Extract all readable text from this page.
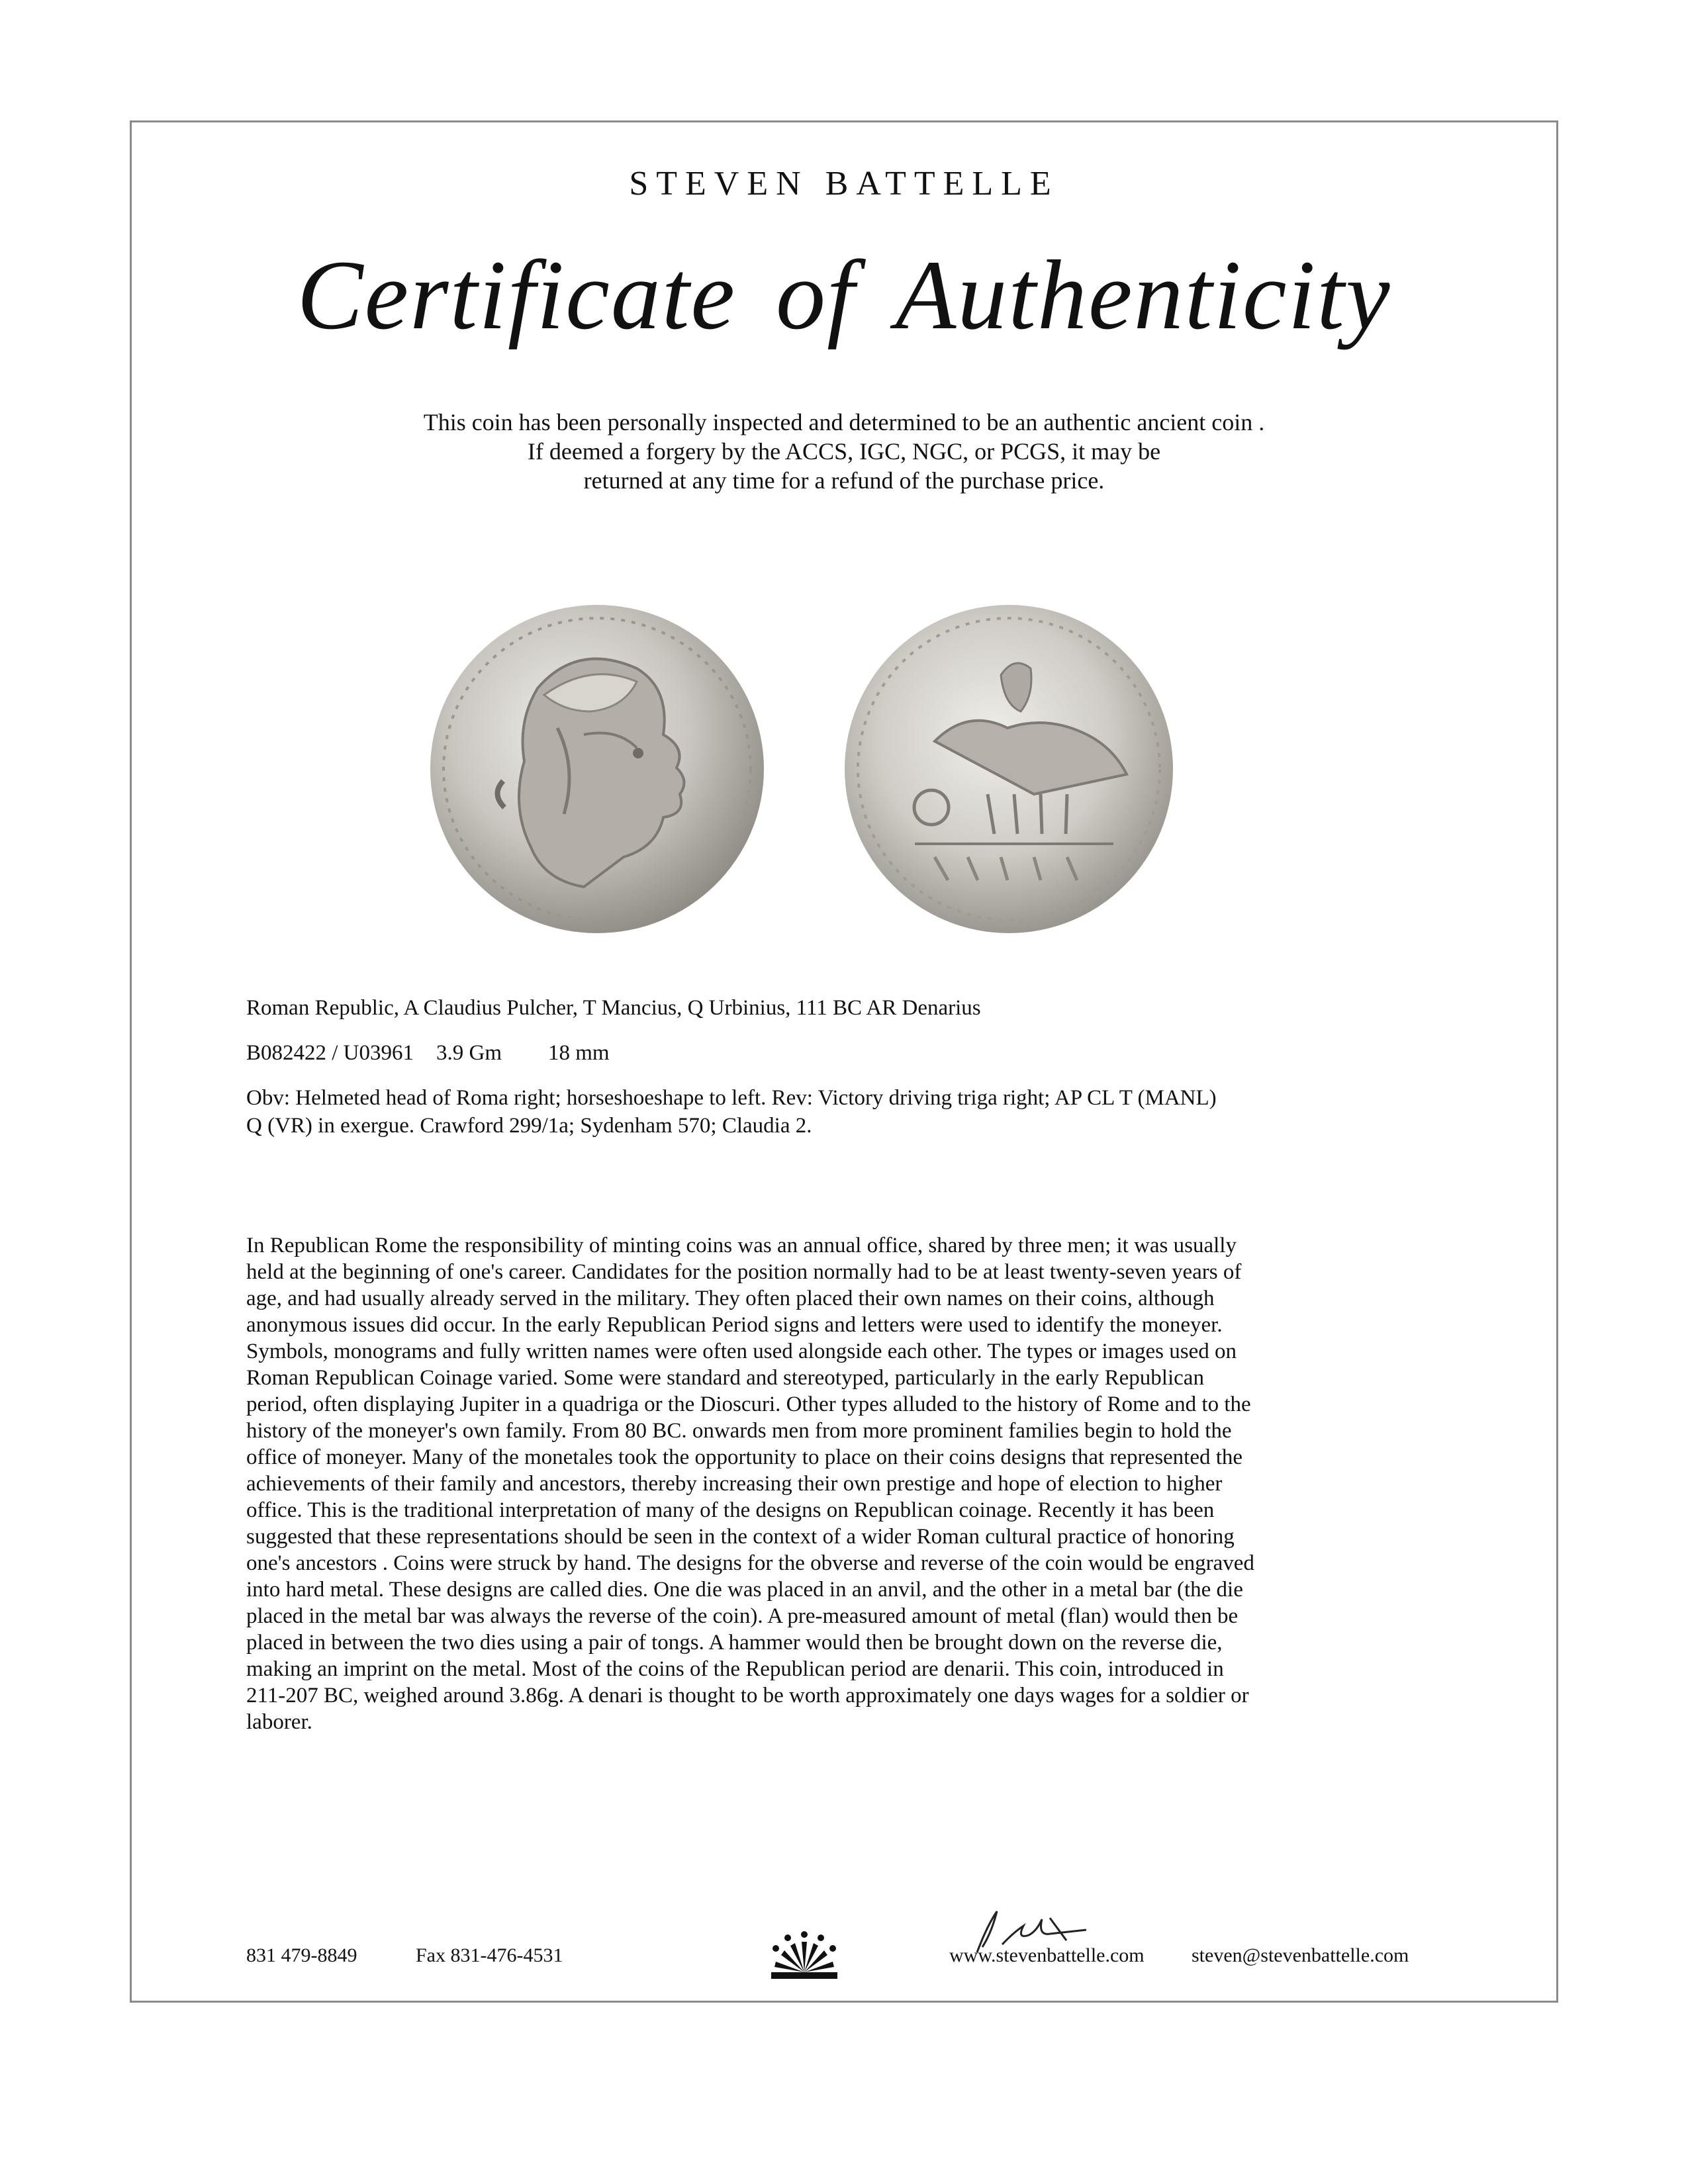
STEVEN BATTELLE
Certificate of Authenticity
This coin has been personally inspected and determined to be an authentic ancient coin .
If deemed a forgery by the ACCS, IGC, NGC, or PCGS, it may be
returned at any time for a refund of the purchase price.
Roman Republic, A Claudius Pulcher, T Mancius, Q Urbinius, 111 BC AR Denarius
B082422 / U03961 3.9 Gm 18 mm
Obv: Helmeted head of Roma right; horseshoeshape to left. Rev: Victory driving triga right; AP CL T (MANL)
Q (VR) in exergue. Crawford 299/1a; Sydenham 570; Claudia 2.
In Republican Rome the responsibility of minting coins was an annual office, shared by three men; it was usually
held at the beginning of one's career. Candidates for the position normally had to be at least twenty-seven years of
age, and had usually already served in the military. They often placed their own names on their coins, although
anonymous issues did occur. In the early Republican Period signs and letters were used to identify the moneyer.
Symbols, monograms and fully written names were often used alongside each other. The types or images used on
Roman Republican Coinage varied. Some were standard and stereotyped, particularly in the early Republican
period, often displaying Jupiter in a quadriga or the Dioscuri. Other types alluded to the history of Rome and to the
history of the moneyer's own family. From 80 BC. onwards men from more prominent families begin to hold the
office of moneyer. Many of the monetales took the opportunity to place on their coins designs that represented the
achievements of their family and ancestors, thereby increasing their own prestige and hope of election to higher
office. This is the traditional interpretation of many of the designs on Republican coinage. Recently it has been
suggested that these representations should be seen in the context of a wider Roman cultural practice of honoring
one's ancestors . Coins were struck by hand. The designs for the obverse and reverse of the coin would be engraved
into hard metal. These designs are called dies. One die was placed in an anvil, and the other in a metal bar (the die
placed in the metal bar was always the reverse of the coin). A pre-measured amount of metal (flan) would then be
placed in between the two dies using a pair of tongs. A hammer would then be brought down on the reverse die,
making an imprint on the metal. Most of the coins of the Republican period are denarii. This coin, introduced in
211-207 BC, weighed around 3.86g. A denari is thought to be worth approximately one days wages for a soldier or
laborer.
831 479-8849	Fax 831-476-4531	www.stevenbattelle.com steven@stevenbattelle.com
